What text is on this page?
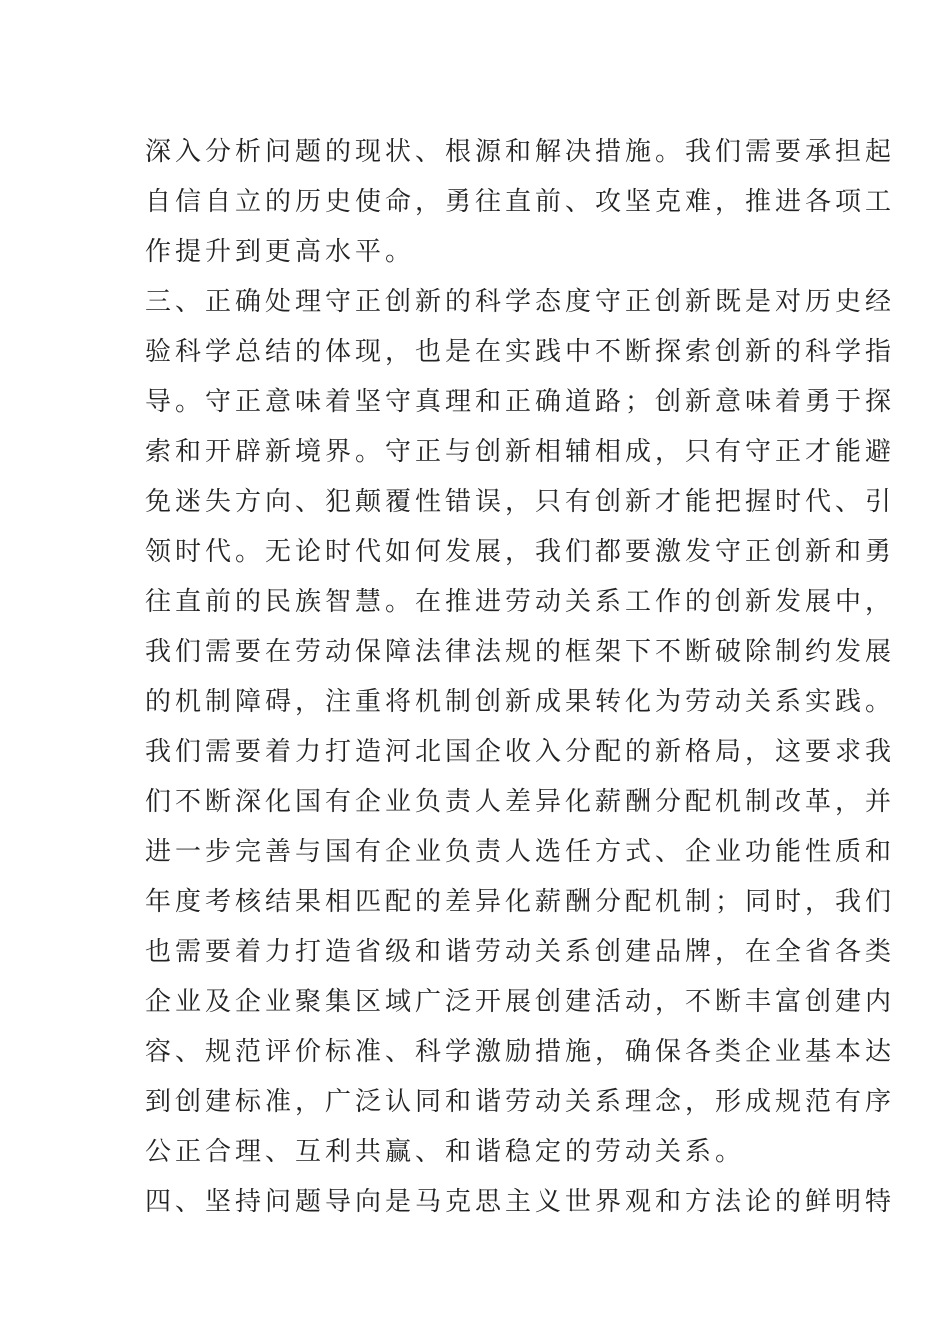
深入分析问题的现状、根源和解决措施。我们需要承担起

自信自立的历史使命，勇往直前、攻坚克难，推进各项工

作提升到更高水平。

三、正确处理守正创新的科学态度守正创新既是对历史经

验科学总结的体现，也是在实践中不断探索创新的科学指

导。守正意味着坚守真理和正确道路；创新意味着勇于探

索和开辟新境界。守正与创新相辅相成，只有守正才能避

免迷失方向、犯颠覆性错误，只有创新才能把握时代、引

领时代。无论时代如何发展，我们都要激发守正创新和勇

往直前的民族智慧。在推进劳动关系工作的创新发展中，

我们需要在劳动保障法律法规的框架下不断破除制约发展

的机制障碍，注重将机制创新成果转化为劳动关系实践。

我们需要着力打造河北国企收入分配的新格局，这要求我

们不断深化国有企业负责人差异化薪酬分配机制改革，并

进一步完善与国有企业负责人选任方式、企业功能性质和

年度考核结果相匹配的差异化薪酬分配机制；同时，我们

也需要着力打造省级和谐劳动关系创建品牌，在全省各类

企业及企业聚集区域广泛开展创建活动，不断丰富创建内

容、规范评价标准、科学激励措施，确保各类企业基本达

到创建标准，广泛认同和谐劳动关系理念，形成规范有序

公正合理、互利共赢、和谐稳定的劳动关系。

四、坚持问题导向是马克思主义世界观和方法论的鲜明特
